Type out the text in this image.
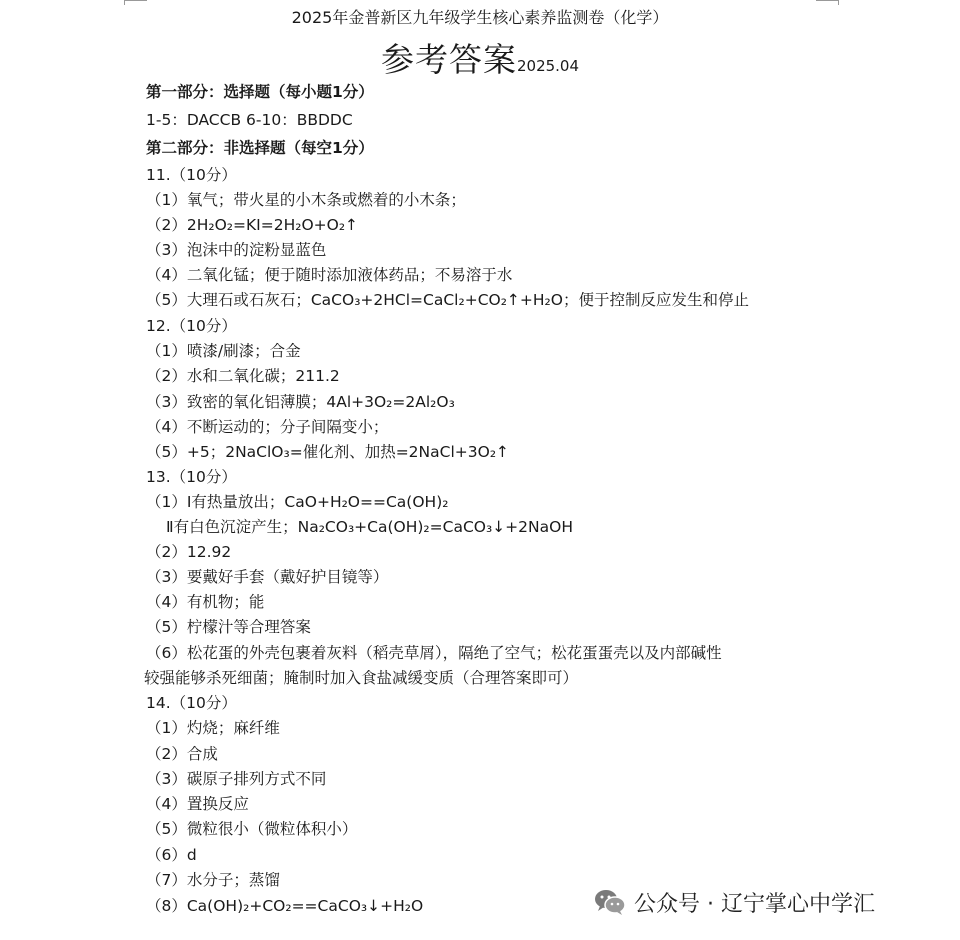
2025年金普新区九年级学生核心素养监测卷（化学）
参考答案2025.04
第一部分：选择题（每小题1分）
1-5：DACCB 6-10：BBDDC
第二部分：非选择题（每空1分）
11.（10分）
（1）氧气；带火星的小木条或燃着的小木条；
（2）2H₂O₂=KI=2H₂O+O₂↑
（3）泡沫中的淀粉显蓝色
（4）二氧化锰；便于随时添加液体药品；不易溶于水
（5）大理石或石灰石；CaCO₃+2HCl=CaCl₂+CO₂↑+H₂O；便于控制反应发生和停止
12.（10分）
（1）喷漆/刷漆；合金
（2）水和二氧化碳；211.2
（3）致密的氧化铝薄膜；4Al+3O₂=2Al₂O₃
（4）不断运动的；分子间隔变小；
（5）+5；2NaClO₃=催化剂、加热=2NaCl+3O₂↑
13.（10分）
（1）Ⅰ有热量放出；CaO+H₂O==Ca(OH)₂
Ⅱ有白色沉淀产生；Na₂CO₃+Ca(OH)₂=CaCO₃↓+2NaOH
（2）12.92
（3）要戴好手套（戴好护目镜等）
（4）有机物；能
（5）柠檬汁等合理答案
（6）松花蛋的外壳包裹着灰料（稻壳草屑），隔绝了空气；松花蛋蛋壳以及内部碱性
较强能够杀死细菌；腌制时加入食盐减缓变质（合理答案即可）
14.（10分）
（1）灼烧；麻纤维
（2）合成
（3）碳原子排列方式不同
（4）置换反应
（5）微粒很小（微粒体积小）
（6）d
（7）水分子；蒸馏
（8）Ca(OH)₂+CO₂==CaCO₃↓+H₂O	公众号 · 辽宁掌心中学汇
